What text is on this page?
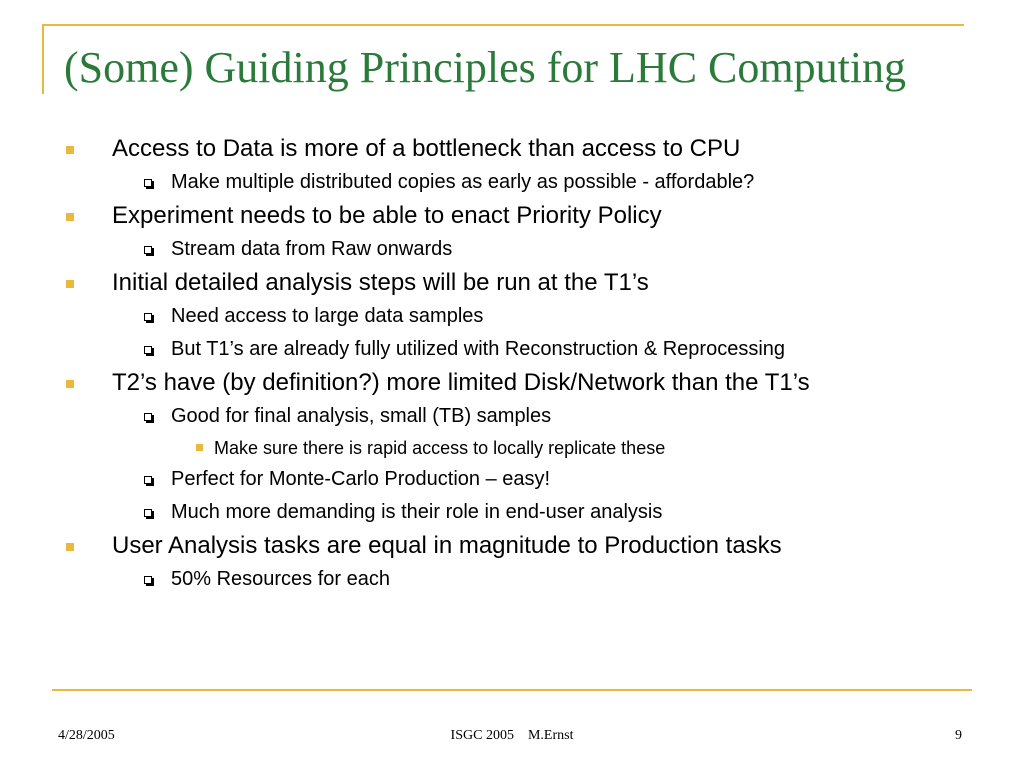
(Some) Guiding Principles for LHC Computing
Access to Data is more of a bottleneck than access to CPU
Make multiple distributed copies as early as possible - affordable?
Experiment needs to be able to enact Priority Policy
Stream data from Raw onwards
Initial detailed analysis steps will be run at the T1’s
Need access to large data samples
But T1’s are already fully utilized with Reconstruction & Reprocessing
T2’s have (by definition?) more limited Disk/Network than the T1’s
Good for final analysis, small (TB) samples
Make sure there is rapid access to locally replicate these
Perfect for Monte-Carlo Production – easy!
Much more demanding is their role in end-user analysis
User Analysis tasks are equal in magnitude to Production tasks
50% Resources for each
4/28/2005	ISGC 2005 M.Ernst	9
